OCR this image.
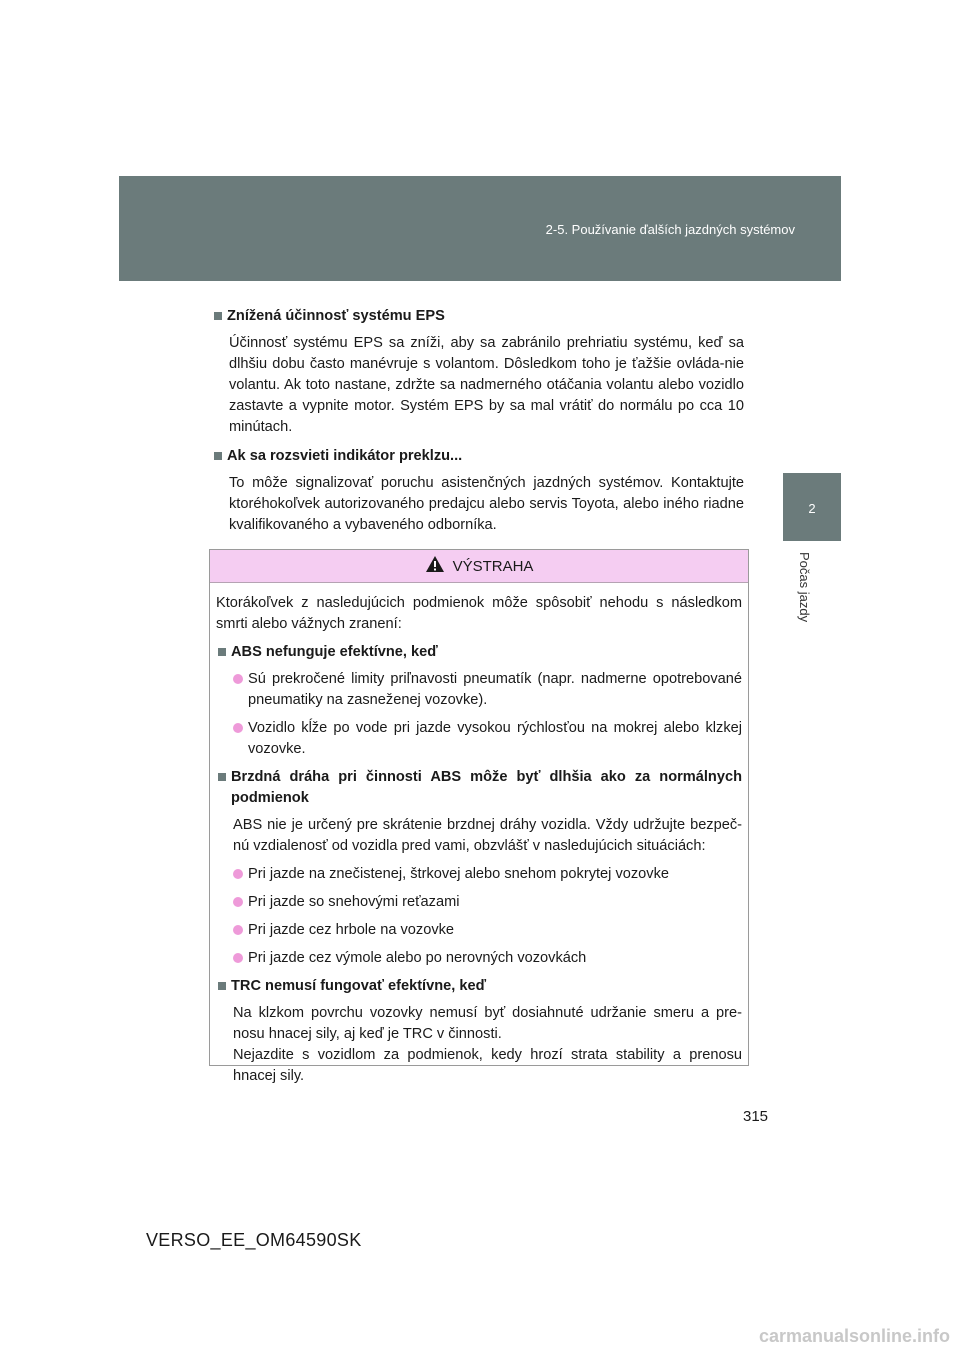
2-5. Používanie ďalších jazdných systémov
2
Počas jazdy
Znížená účinnosť systému EPS
Účinnosť systému EPS sa zníži, aby sa zabránilo prehriatiu systému, keď sa dlhšiu dobu často manévruje s volantom. Dôsledkom toho je ťažšie ovláda-nie volantu. Ak toto nastane, zdržte sa nadmerného otáčania volantu alebo vozidlo zastavte a vypnite motor. Systém EPS by sa mal vrátiť do normálu po cca 10 minútach.
Ak sa rozsvieti indikátor preklzu...
To môže signalizovať poruchu asistenčných jazdných systémov. Kontaktujte ktoréhokoľvek autorizovaného predajcu alebo servis Toyota, alebo iného riadne kvalifikovaného a vybaveného odborníka.
VÝSTRAHA
Ktorákoľvek z nasledujúcich podmienok môže spôsobiť nehodu s následkom smrti alebo vážnych zranení:
ABS nefunguje efektívne, keď
Sú prekročené limity priľnavosti pneumatík (napr. nadmerne opotrebované pneumatiky na zasneženej vozovke).
Vozidlo kĺže po vode pri jazde vysokou rýchlosťou na mokrej alebo klzkej vozovke.
Brzdná dráha pri činnosti ABS môže byť dlhšia ako za normálnych podmienok
ABS nie je určený pre skrátenie brzdnej dráhy vozidla. Vždy udržujte bezpeč-nú vzdialenosť od vozidla pred vami, obzvlášť v nasledujúcich situáciách:
Pri jazde na znečistenej, štrkovej alebo snehom pokrytej vozovke
Pri jazde so snehovými reťazami
Pri jazde cez hrbole na vozovke
Pri jazde cez výmole alebo po nerovných vozovkách
TRC nemusí fungovať efektívne, keď
Na klzkom povrchu vozovky nemusí byť dosiahnuté udržanie smeru a pre-nosu hnacej sily, aj keď je TRC v činnosti.
Nejazdite s vozidlom za podmienok, kedy hrozí strata stability a prenosu hnacej sily.
315
VERSO_EE_OM64590SK
carmanualsonline.info
